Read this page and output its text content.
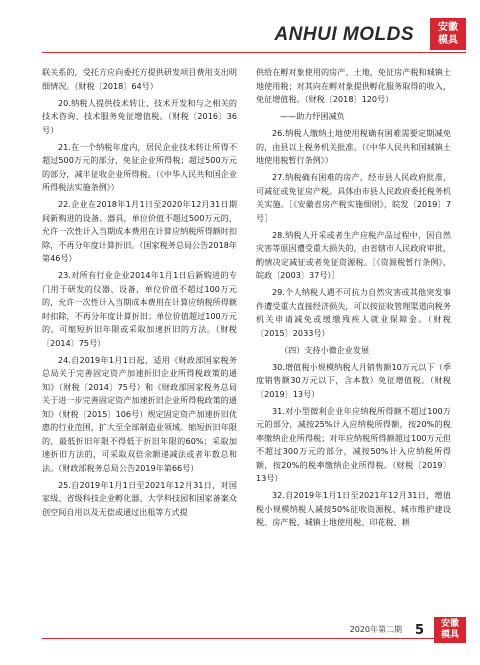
ANHUI MOLDS	安徽
模具

联关系的，受托方应向委托方提供研发项目费用支出明细情况。（财税〔2018〕64号）

20.纳税人提供技术转让、技术开发和与之相关的技术咨询、技术服务免征增值税。（财税〔2016〕36号）

21.在一个纳税年度内，居民企业技术转让所得不超过500万元的部分，免征企业所得税；超过500万元的部分，减半征收企业所得税。（《中华人民共和国企业所得税法实施条例》）

22.企业在2018年1月1日至2020年12月31日期间新购进的设备、器具，单位价值不超过500万元的，允许一次性计入当期成本费用在计算应纳税所得额时扣除，不再分年度计算折旧。（国家税务总局公告2018年第46号）

23.对所有行业企业2014年1月1日后新购进的专门用于研发的仪器、设备，单位价值不超过100万元的，允许一次性计入当期成本费用在计算应纳税所得额时扣除，不再分年度计算折旧；单位价值超过100万元的，可缩短折旧年限或采取加速折旧的方法。（财税〔2014〕75号）

24.自2019年1月1日起，适用《财政部国家税务总局关于完善固定资产加速折旧企业所得税政策的通知》（财税〔2014〕75号）和《财政部国家税务总局关于进一步完善固定资产加速折旧企业所得税政策的通知》（财税〔2015〕106号）规定固定资产加速折旧优惠的行业范围，扩大至全部制造业领域。缩短折旧年限的，最低折旧年限不得低于折旧年限的60%；采取加速折旧方法的，可采取双倍余额递减法或者年数总和法。（财政部税务总局公告2019年第66号）

25.自2019年1月1日至2021年12月31日，对国家级、省级科技企业孵化器、大学科技园和国家备案众创空间自用以及无偿或通过出租等方式提

供给在孵对象使用的房产、土地，免征房产税和城镇土地使用税；对其向在孵对象提供孵化服务取得的收入，免征增值税。（财税〔2018〕120号）

——助力纾困减负

26.纳税人缴纳土地使用税确有困难需要定期减免的，由县以上税务机关批准。（《中华人民共和国城镇土地使用税暂行条例》）

27.纳税确有困难的房产，经市县人民政府批准，可减征或免征房产税。具体由市县人民政府委托税务机关实施。［《安徽省房产税实施细则》，皖发〔2019〕7号］

28.纳税人开采或者生产应税产品过程中，因自然灾害等原因遭受重大损失的，由省辖市人民政府审批，酌情决定减征或者免征资源税。［《资源税暂行条例》，皖政〔2003〕37号）］

29.个人纳税人遇不可抗力自然灾害或其他突发事件遭受重大直接经济损失，可以按征收管理渠道向税务机关申请减免或缓缴残疾人就业保障金。（财税〔2015〕2033号）

（四）支持小微企业发展

30.增值税小规模纳税人月销售额10万元以下（季度销售额30万元以下，含本数）免征增值税。（财税〔2019〕13号）

31.对小型微利企业年应纳税所得额不超过100万元的部分，减按25%计入应纳税所得额，按20%的税率缴纳企业所得税；对年应纳税所得额超过100万元但不超过300万元的部分，减按50%计入应纳税所得额，按20%的税率缴纳企业所得税。（财税〔2019〕13号）

32.自2019年1月1日至2021年12月31日，增值税小规模纳税人减按50%征收资源税、城市维护建设税、房产税、城镇土地使用税、印花税、耕

2020年第二期 5	安徽
模具
